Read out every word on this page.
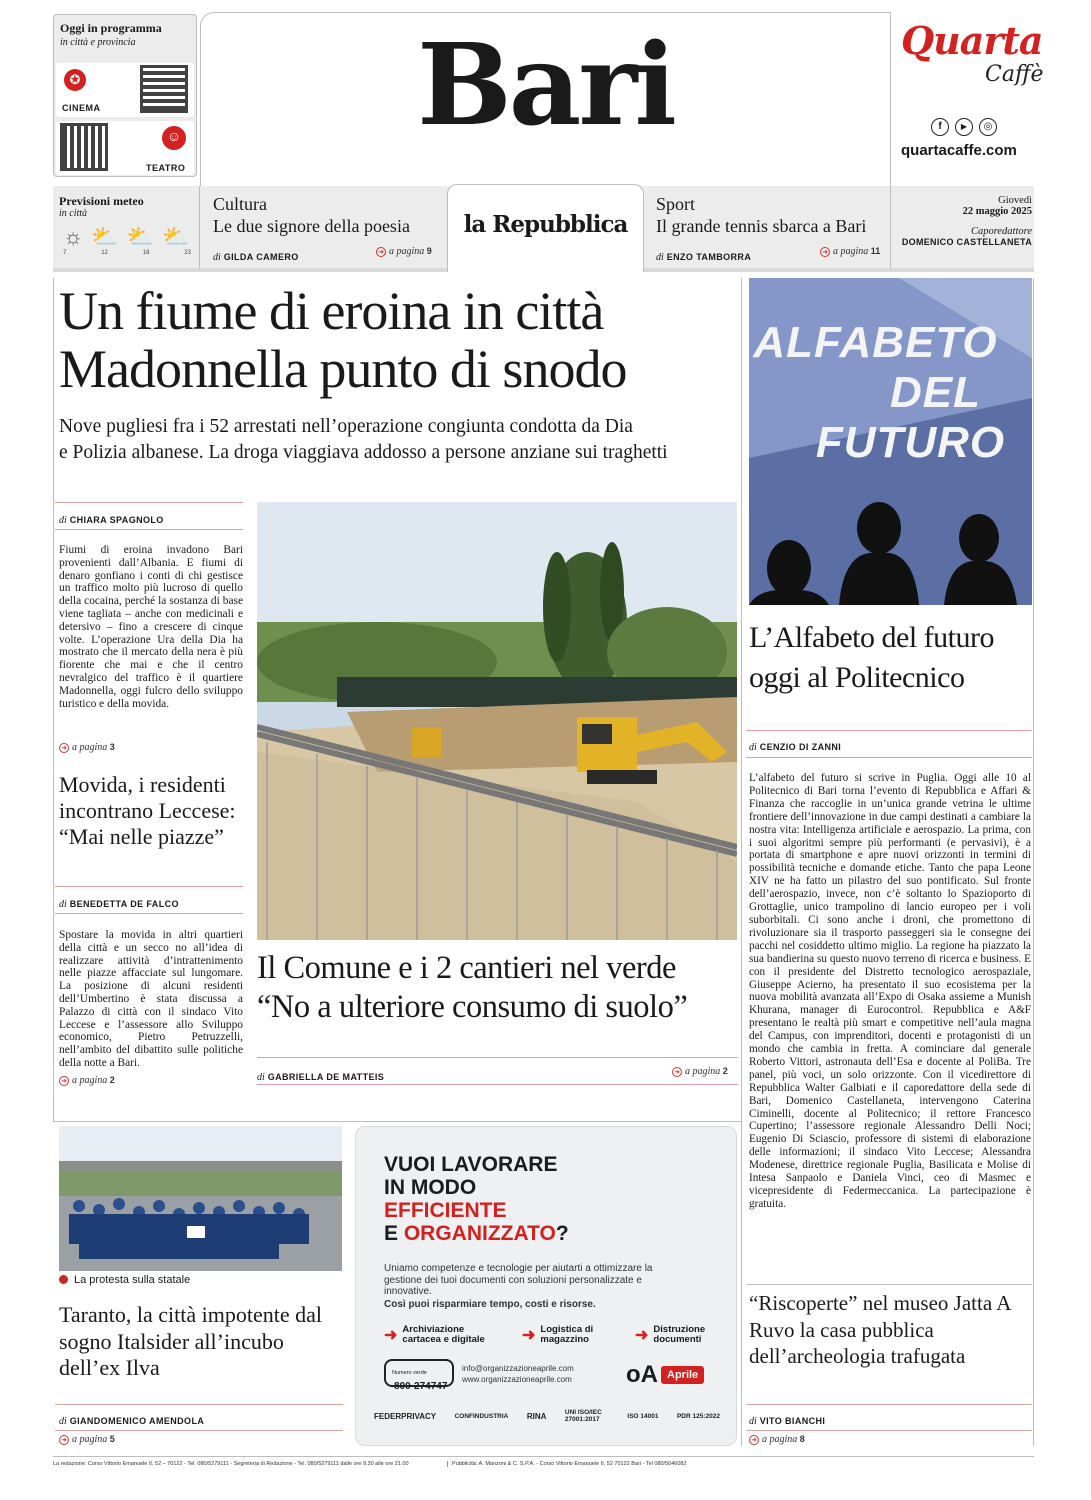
Oggi in programma
in città e provincia
✪
CINEMA
☺
TEATRO
Bari	Quarta
Caffè
f	▶	◎
quartacaffe.com
Previsioni meteo
in città
☼ ⛅ ⛅ ⛅
7	12	18	23
Cultura
Le due signore della poesia
di GILDA CAMERO
➜ a pagina 9
la Repubblica
Sport
Il grande tennis sbarca a Bari
di ENZO TAMBORRA
➜ a pagina 11
Giovedì
22 maggio 2025
Caporedattore
DOMENICO CASTELLANETA
Un fiume di eroina in città
Madonnella punto di snodo
Nove pugliesi fra i 52 arrestati nell’operazione congiunta condotta da Dia
e Polizia albanese. La droga viaggiava addosso a persone anziane sui traghetti
di CHIARA SPAGNOLO
Fiumi di eroina invadono Bari provenienti dall’Albania. E fiumi di denaro gonfiano i conti di chi gestisce un traffico molto più lucroso di quello della cocaina, perché la sostanza di base viene tagliata – anche con medicinali e detersivo – fino a crescere di cinque volte. L’operazione Ura della Dia ha mostrato che il mercato della nera è più fiorente che mai e che il centro nevralgico del traffico è il quartiere Madonnella, oggi fulcro dello sviluppo turistico e della movida.
➜ a pagina 3
Movida, i residenti incontrano Leccese: “Mai nelle piazze”
di BENEDETTA DE FALCO
Spostare la movida in altri quartieri della città e un secco no all’idea di realizzare attività d’intrattenimento nelle piazze affacciate sul lungomare. La posizione di alcuni residenti dell’Umbertino è stata discussa a Palazzo di città con il sindaco Vito Leccese e l’assessore allo Sviluppo economico, Pietro Petruzzelli, nell’ambito del dibattito sulle politiche della notte a Bari.
➜ a pagina 2
Il Comune e i 2 cantieri nel verde
“No a ulteriore consumo di suolo”
di GABRIELLA DE MATTEIS
➜ a pagina 2
ALFABETO
DEL
FUTURO
L’Alfabeto del futuro oggi al Politecnico
di CENZIO DI ZANNI
L’alfabeto del futuro si scrive in Puglia. Oggi alle 10 al Politecnico di Bari torna l’evento di Repubblica e Affari & Finanza che raccoglie in un’unica grande vetrina le ultime frontiere dell’innovazione in due campi destinati a cambiare la nostra vita: Intelligenza artificiale e aerospazio. La prima, con i suoi algoritmi sempre più performanti (e pervasivi), è a portata di smartphone e apre nuovi orizzonti in termini di possibilità tecniche e domande etiche. Tanto che papa Leone XIV ne ha fatto un pilastro del suo pontificato. Sul fronte dell’aerospazio, invece, non c’è soltanto lo Spazioporto di Grottaglie, unico trampolino di lancio europeo per i voli suborbitali. Ci sono anche i droni, che promettono di rivoluzionare sia il trasporto passeggeri sia le consegne dei pacchi nel cosiddetto ultimo miglio. La regione ha piazzato la sua bandierina su questo nuovo terreno di ricerca e business. E con il presidente del Distretto tecnologico aerospaziale, Giuseppe Acierno, ha presentato il suo ecosistema per la nuova mobilità avanzata all’Expo di Osaka assieme a Munish Khurana, manager di Eurocontrol. Repubblica e A&F presentano le realtà più smart e competitive nell’aula magna del Campus, con imprenditori, docenti e protagonisti di un mondo che cambia in fretta. A cominciare dal generale Roberto Vittori, astronauta dell’Esa e docente al PoliBa. Tre panel, più voci, un solo orizzonte. Con il vicedirettore di Repubblica Walter Galbiati e il caporedattore della sede di Bari, Domenico Castellaneta, intervengono Caterina Ciminelli, docente al Politecnico; il rettore Francesco Cupertino; l’assessore regionale Alessandro Delli Noci; Eugenio Di Sciascio, professore di sistemi di elaborazione delle informazioni; il sindaco Vito Leccese; Alessandra Modenese, direttrice regionale Puglia, Basilicata e Molise di Intesa Sanpaolo e Daniela Vinci, ceo di Masmec e vicepresidente di Federmeccanica. La partecipazione è gratuita.
“Riscoperte” nel museo Jatta A Ruvo la casa pubblica dell’archeologia trafugata
di VITO BIANCHI
➜ a pagina 8
La protesta sulla statale
Taranto, la città impotente dal sogno Italsider all’incubo dell’ex Ilva
di GIANDOMENICO AMENDOLA
➜ a pagina 5
VUOI LAVORARE
IN MODO
EFFICIENTE
E ORGANIZZATO?
Uniamo competenze e tecnologie per aiutarti a ottimizzare la gestione dei tuoi documenti con soluzioni personalizzate e innovative.
Così puoi risparmiare tempo, costi e risorse.
➜ Archiviazione cartacea e digitale	➜ Logistica di magazzino	➜ Distruzione documenti
Numero verde
800-274747
info@organizzazioneaprile.com
www.organizzazioneaprile.com oA Aprile
FEDERPRIVACY	CONFINDUSTRIA RINA	UNI ISO/IEC 27001:2017	ISO 14001	PDR 125:2022
La redazione: Corso Vittorio Emanuele II, 52 – 70122 - Tel. 080/5279111 - Segreteria di Redazione - Tel. 080/5279111 dalle ore 9.30 alle ore 21.00	Pubblicità: A. Manzoni & C. S.P.A. - Corso Vittorio Emanuele II, 52 70122 Bari - Tel 080/5046082
